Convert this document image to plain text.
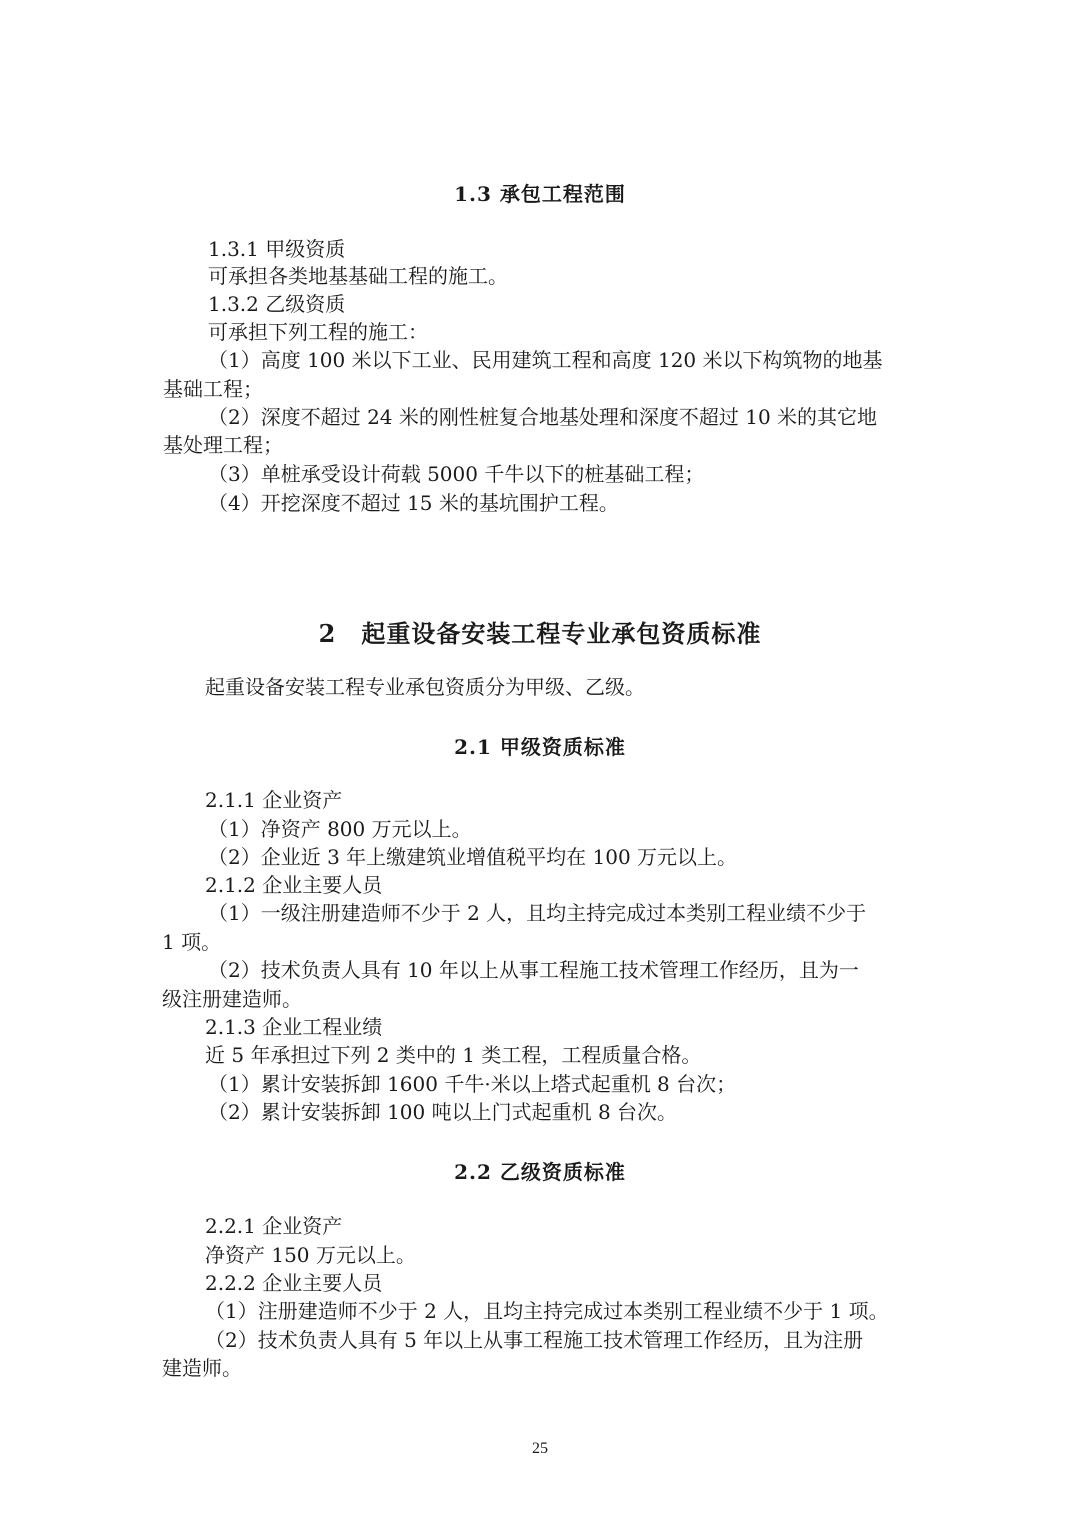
1.3 承包工程范围
1.3.1 甲级资质
可承担各类地基基础工程的施工。
1.3.2 乙级资质
可承担下列工程的施工：
（1）高度 100 米以下工业、民用建筑工程和高度 120 米以下构筑物的地基
基础工程；
（2）深度不超过 24 米的刚性桩复合地基处理和深度不超过 10 米的其它地
基处理工程；
（3）单桩承受设计荷载 5000 千牛以下的桩基础工程；
（4）开挖深度不超过 15 米的基坑围护工程。
2　起重设备安装工程专业承包资质标准
起重设备安装工程专业承包资质分为甲级、乙级。
2.1 甲级资质标准
2.1.1 企业资产
（1）净资产 800 万元以上。
（2）企业近 3 年上缴建筑业增值税平均在 100 万元以上。
2.1.2 企业主要人员
（1）一级注册建造师不少于 2 人，且均主持完成过本类别工程业绩不少于
1 项。
（2）技术负责人具有 10 年以上从事工程施工技术管理工作经历，且为一
级注册建造师。
2.1.3 企业工程业绩
近 5 年承担过下列 2 类中的 1 类工程，工程质量合格。
（1）累计安装拆卸 1600 千牛·米以上塔式起重机 8 台次；
（2）累计安装拆卸 100 吨以上门式起重机 8 台次。
2.2 乙级资质标准
2.2.1 企业资产
净资产 150 万元以上。
2.2.2 企业主要人员
（1）注册建造师不少于 2 人，且均主持完成过本类别工程业绩不少于 1 项。
（2）技术负责人具有 5 年以上从事工程施工技术管理工作经历，且为注册
建造师。
25
